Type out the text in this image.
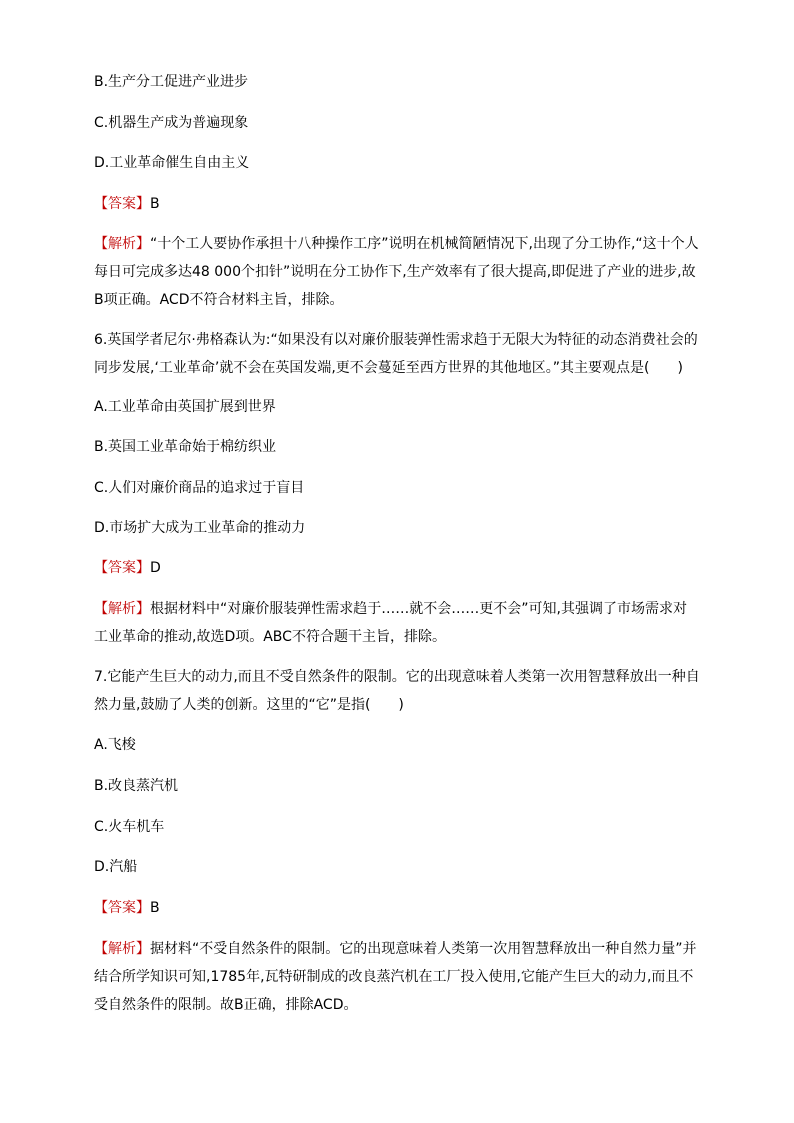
B.生产分工促进产业进步
C.机器生产成为普遍现象
D.工业革命催生自由主义
【答案】B
【解析】“十个工人要协作承担十八种操作工序”说明在机械简陋情况下,出现了分工协作,“这十个人每日可完成多达48 000个扣针”说明在分工协作下,生产效率有了很大提高,即促进了产业的进步,故B项正确。ACD不符合材料主旨，排除。
6.英国学者尼尔·弗格森认为:“如果没有以对廉价服装弹性需求趋于无限大为特征的动态消费社会的同步发展,‘工业革命’就不会在英国发端,更不会蔓延至西方世界的其他地区。”其主要观点是(　　)
A.工业革命由英国扩展到世界
B.英国工业革命始于棉纺织业
C.人们对廉价商品的追求过于盲目
D.市场扩大成为工业革命的推动力
【答案】D
【解析】根据材料中“对廉价服装弹性需求趋于……就不会……更不会”可知,其强调了市场需求对工业革命的推动,故选D项。ABC不符合题干主旨，排除。
7.它能产生巨大的动力,而且不受自然条件的限制。它的出现意味着人类第一次用智慧释放出一种自然力量,鼓励了人类的创新。这里的“它”是指(　　)
A.飞梭
B.改良蒸汽机
C.火车机车
D.汽船
【答案】B
【解析】据材料“不受自然条件的限制。它的出现意味着人类第一次用智慧释放出一种自然力量”并结合所学知识可知,1785年,瓦特研制成的改良蒸汽机在工厂投入使用,它能产生巨大的动力,而且不受自然条件的限制。故B正确，排除ACD。
